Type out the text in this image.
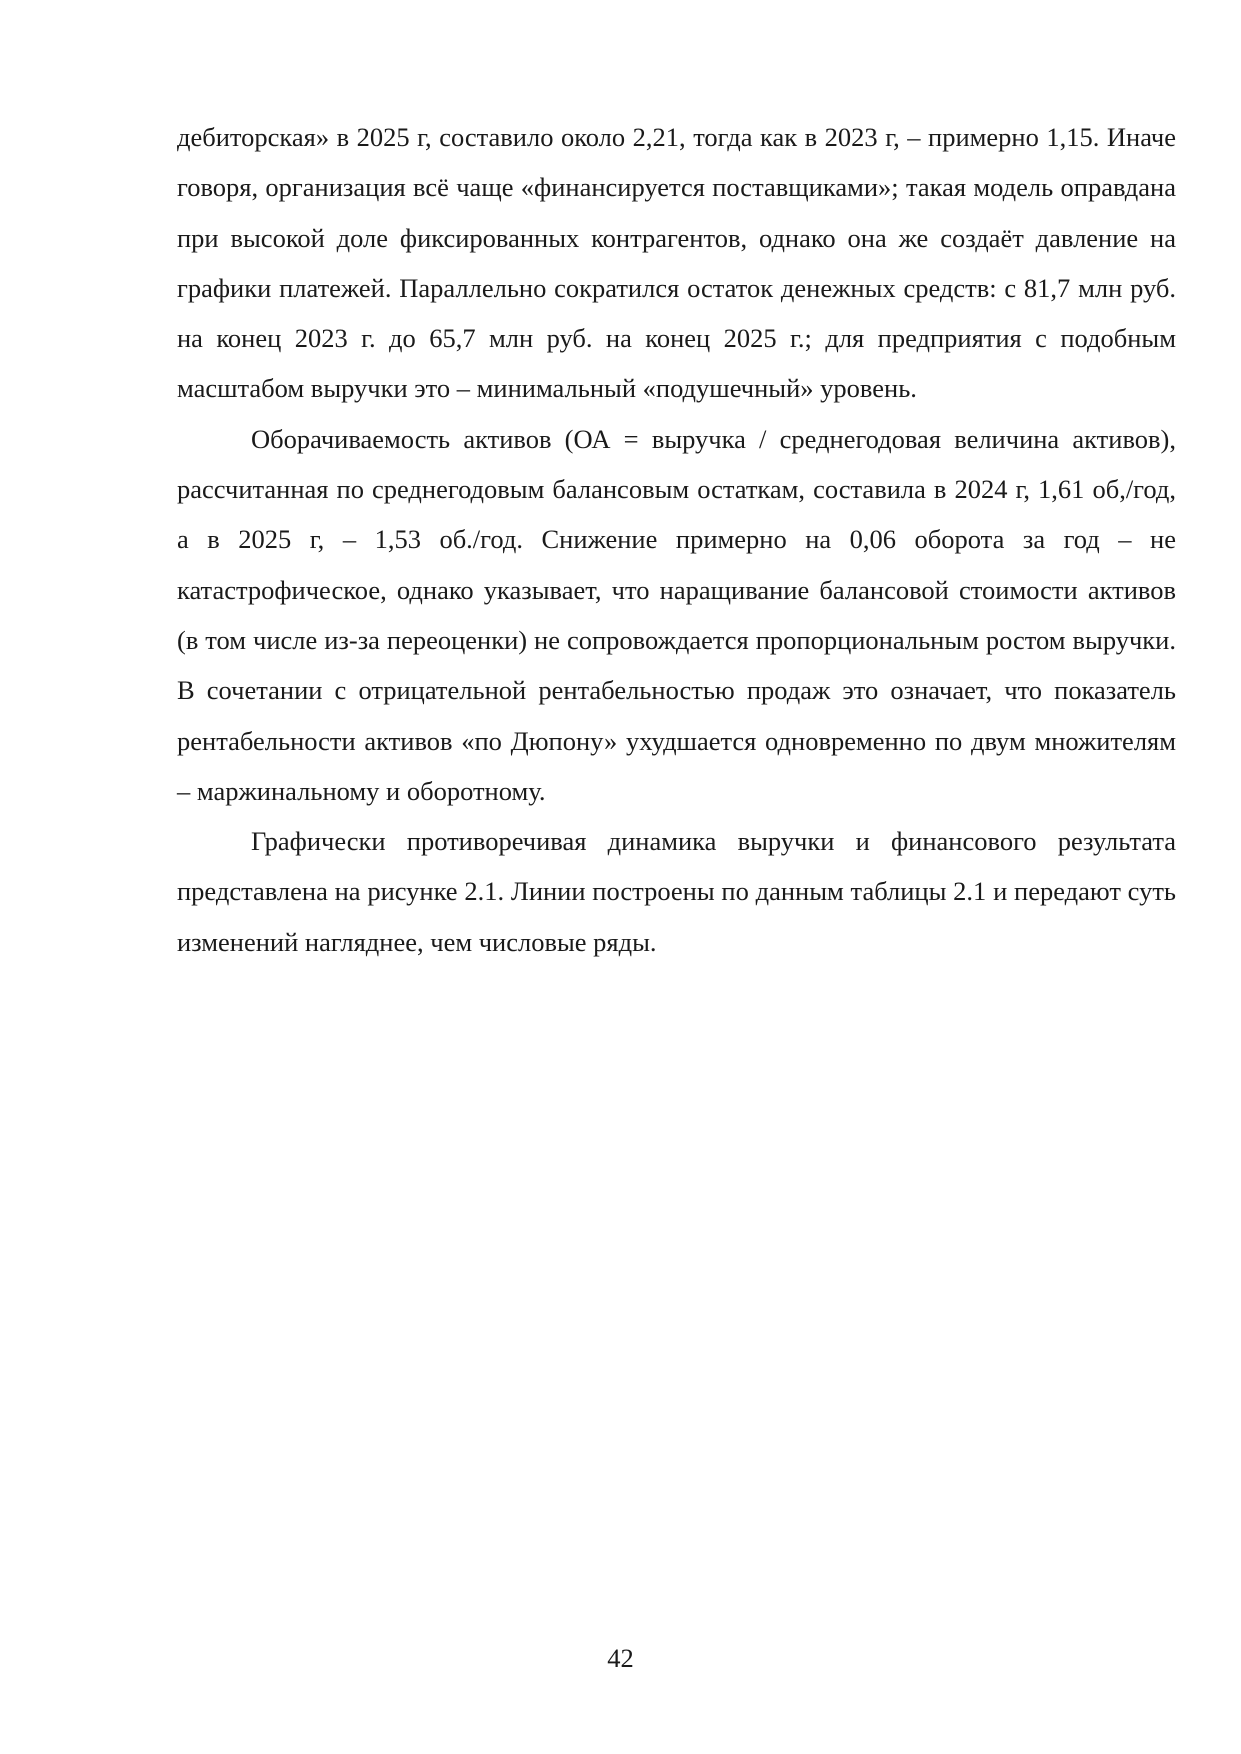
дебиторская» в 2025 г, составило около 2,21, тогда как в 2023 г, – примерно 1,15. Иначе говоря, организация всё чаще «финансируется поставщиками»; такая модель оправдана при высокой доле фиксированных контрагентов, однако она же создаёт давление на графики платежей. Параллельно сократился остаток денежных средств: с 81,7 млн руб. на конец 2023 г. до 65,7 млн руб. на конец 2025 г.; для предприятия с подобным масштабом выручки это – минимальный «подушечный» уровень.

Оборачиваемость активов (ОА = выручка / среднегодовая величина активов), рассчитанная по среднегодовым балансовым остаткам, составила в 2024 г, 1,61 об,/год, а в 2025 г, – 1,53 об./год. Снижение примерно на 0,06 оборота за год – не катастрофическое, однако указывает, что наращивание балансовой стоимости активов (в том числе из-за переоценки) не сопровождается пропорциональным ростом выручки. В сочетании с отрицательной рентабельностью продаж это означает, что показатель рентабельности активов «по Дюпону» ухудшается одновременно по двум множителям – маржинальному и оборотному.

Графически противоречивая динамика выручки и финансового результата представлена на рисунке 2.1. Линии построены по данным таблицы 2.1 и передают суть изменений нагляднее, чем числовые ряды.

42
